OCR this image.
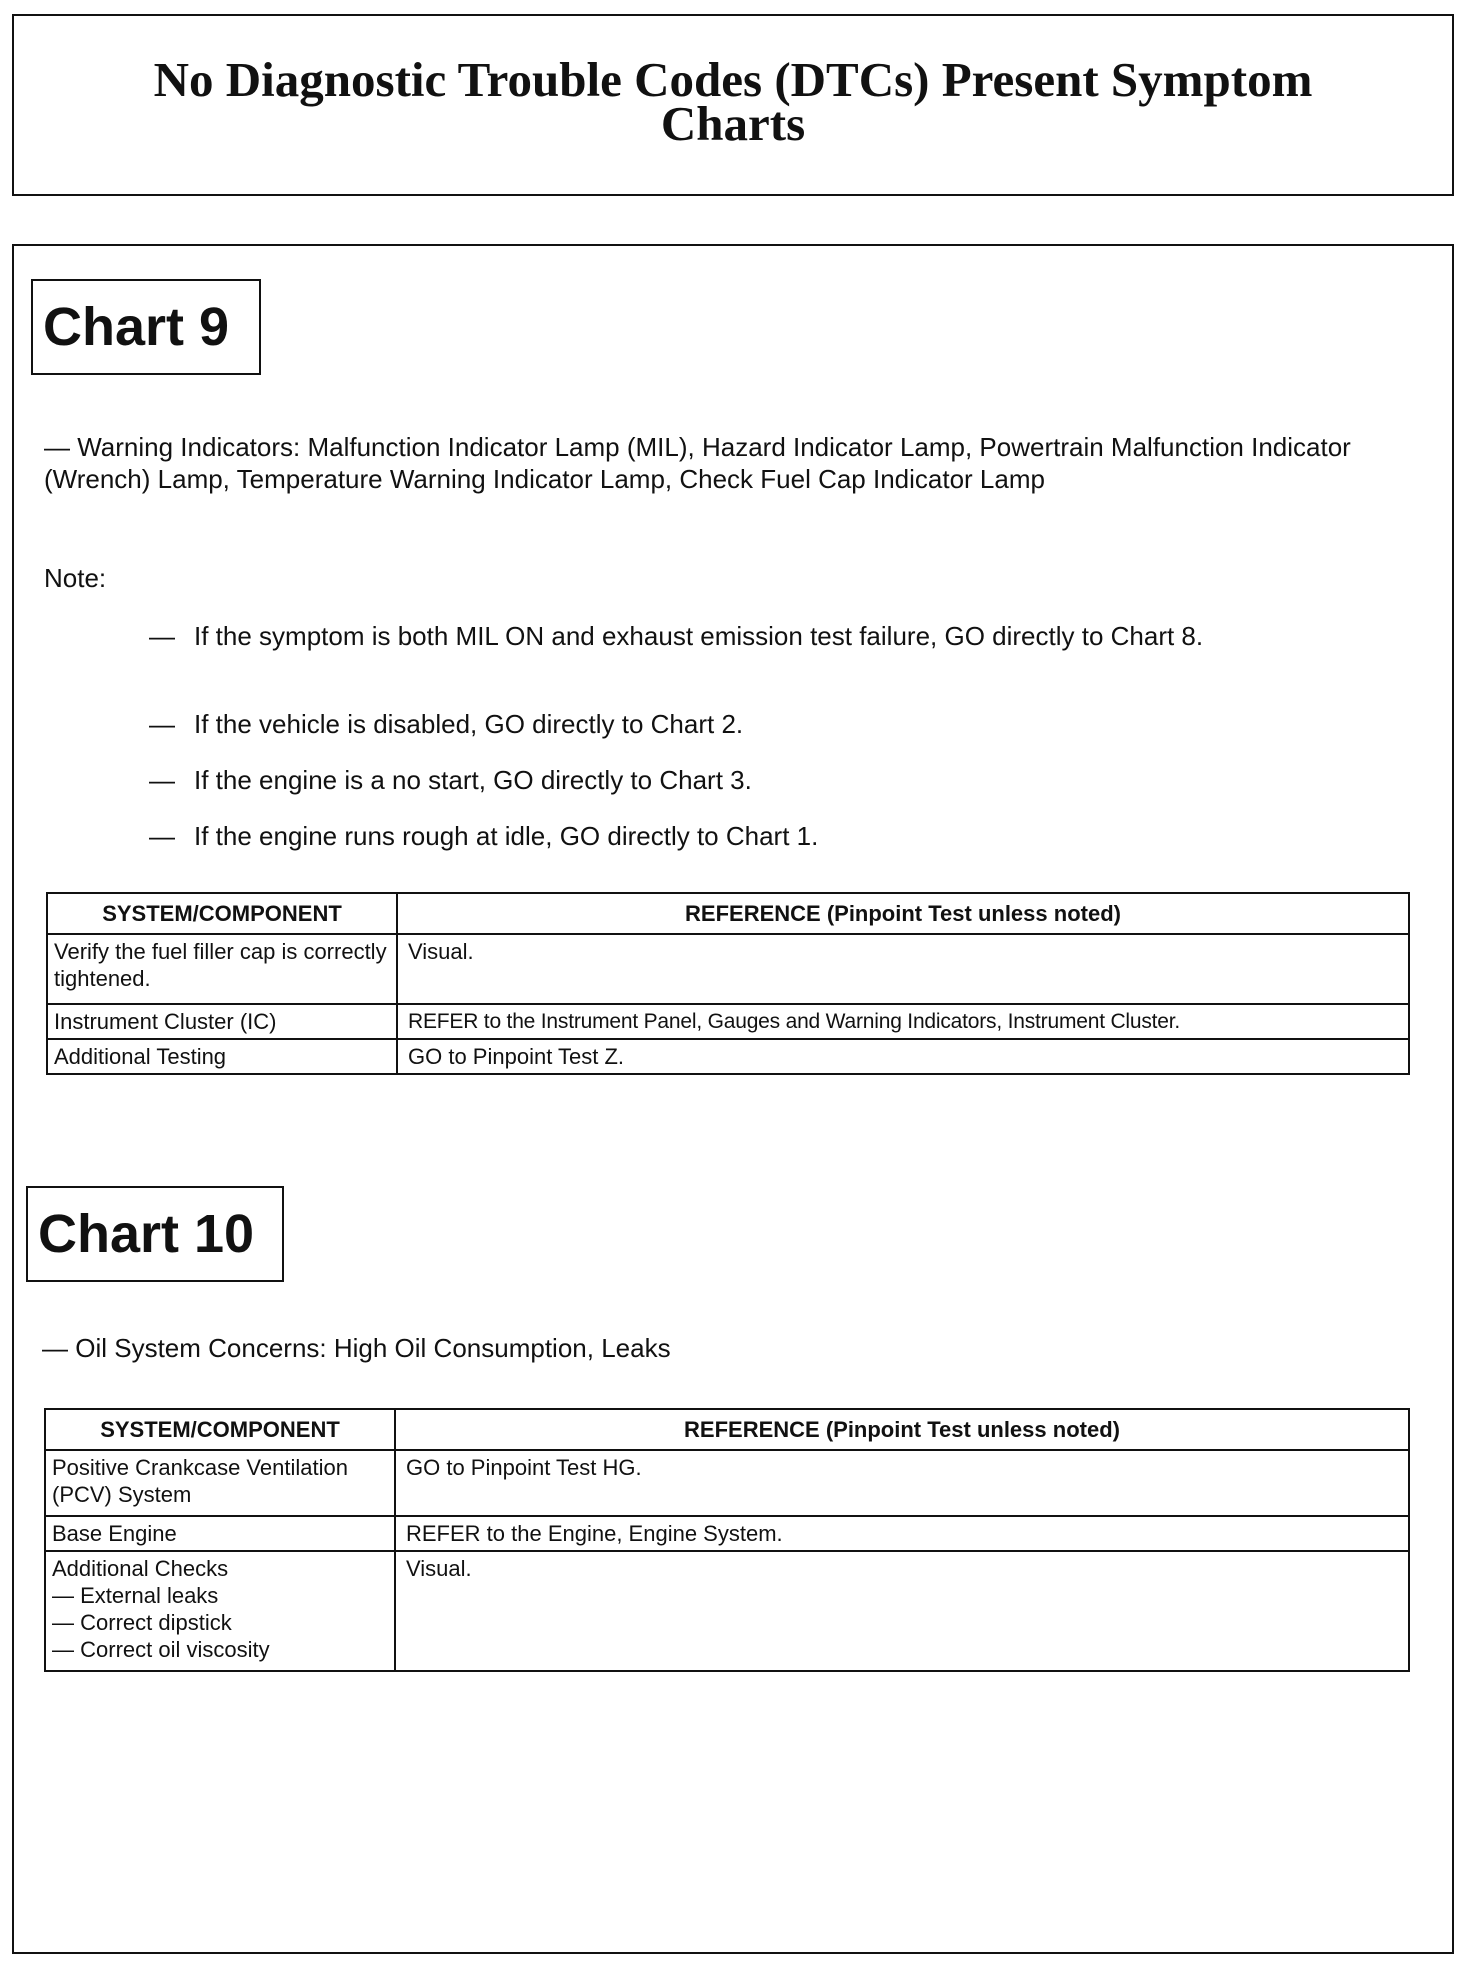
No Diagnostic Trouble Codes (DTCs) Present Symptom Charts
Chart 9

— Warning Indicators: Malfunction Indicator Lamp (MIL), Hazard Indicator Lamp, Powertrain Malfunction Indicator (Wrench) Lamp, Temperature Warning Indicator Lamp, Check Fuel Cap Indicator Lamp

Note:

— If the symptom is both MIL ON and exhaust emission test failure, GO directly to Chart 8.
— If the vehicle is disabled, GO directly to Chart 2.
— If the engine is a no start, GO directly to Chart 3.
— If the engine runs rough at idle, GO directly to Chart 1.
SYSTEM/COMPONENT	REFERENCE (Pinpoint Test unless noted)
Verify the fuel filler cap is correctly tightened.	Visual.
Instrument Cluster (IC)	REFER to the Instrument Panel, Gauges and Warning Indicators, Instrument Cluster.
Additional Testing	GO to Pinpoint Test Z.
Chart 10

— Oil System Concerns: High Oil Consumption, Leaks

SYSTEM/COMPONENT	REFERENCE (Pinpoint Test unless noted)
Positive Crankcase Ventilation (PCV) System	GO to Pinpoint Test HG.
Base Engine	REFER to the Engine, Engine System.

Additional Checks
— External leaks
— Correct dipstick
— Correct oil viscosity	Visual.
